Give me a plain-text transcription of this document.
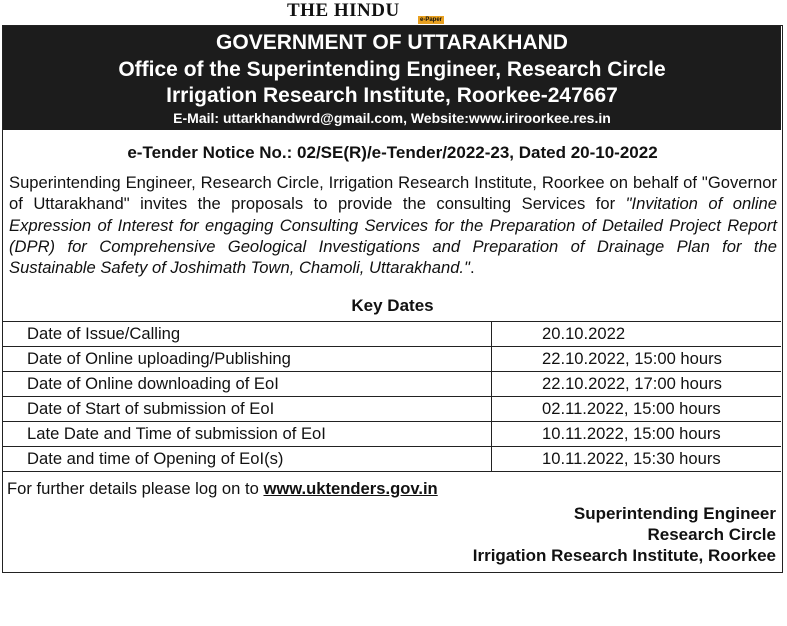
THE HINDU	e-Paper
GOVERNMENT OF UTTARAKHAND
Office of the Superintending Engineer, Research Circle
Irrigation Research Institute, Roorkee-247667
E-Mail: uttarkhandwrd@gmail.com, Website:www.iriroorkee.res.in
e-Tender Notice No.: 02/SE(R)/e-Tender/2022-23, Dated 20-10-2022
Superintending Engineer, Research Circle, Irrigation Research Institute, Roorkee on behalf of "Governor of Uttarakhand" invites the proposals to provide the consulting Services for "Invitation of online Expression of Interest for engaging Consulting Services for the Preparation of Detailed Project Report (DPR) for Comprehensive Geological Investigations and Preparation of Drainage Plan for the Sustainable Safety of Joshimath Town, Chamoli, Uttarakhand.".
Key Dates
Date of Issue/Calling	20.10.2022
Date of Online uploading/Publishing	22.10.2022, 15:00 hours
Date of Online downloading of EoI	22.10.2022, 17:00 hours
Date of Start of submission of EoI	02.11.2022, 15:00 hours
Late Date and Time of submission of EoI	10.11.2022, 15:00 hours
Date and time of Opening of EoI(s)	10.11.2022, 15:30 hours
For further details please log on to www.uktenders.gov.in
Superintending Engineer
Research Circle
Irrigation Research Institute, Roorkee
